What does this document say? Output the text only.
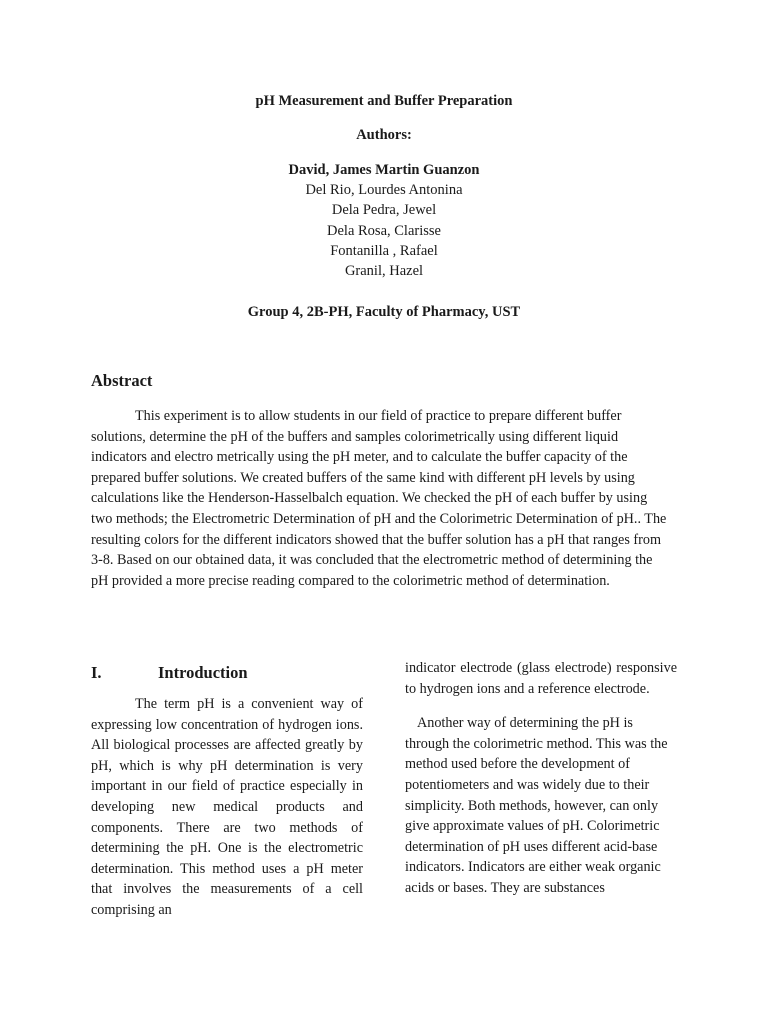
pH Measurement and Buffer Preparation
Authors:
David, James Martin Guanzon
Del Rio, Lourdes Antonina
Dela Pedra, Jewel
Dela Rosa, Clarisse
Fontanilla , Rafael
Granil, Hazel
Group 4, 2B-PH, Faculty of Pharmacy, UST
Abstract
This experiment is to allow students in our field of practice to prepare different buffer solutions, determine the pH of the buffers and samples colorimetrically using different liquid indicators and electro metrically using the pH meter, and to calculate the buffer capacity of the prepared buffer solutions. We created buffers of the same kind with different pH levels by using calculations like the Henderson-Hasselbalch equation. We checked the pH of each buffer by using two methods; the Electrometric Determination of pH and the Colorimetric Determination of pH.. The resulting colors for the different indicators showed that the buffer solution has a pH that ranges from 3-8. Based on our obtained data, it was concluded that the electrometric method of determining the pH provided a more precise reading compared to the colorimetric method of determination.
I.	Introduction
The term pH is a convenient way of expressing low concentration of hydrogen ions. All biological processes are affected greatly by pH, which is why pH determination is very important in our field of practice especially in developing new medical products and components. There are two methods of determining the pH. One is the electrometric determination. This method uses a pH meter that involves the measurements of a cell comprising an

indicator electrode (glass electrode) responsive to hydrogen ions and a reference electrode.

Another way of determining the pH is through the colorimetric method. This was the method used before the development of potentiometers and was widely due to their simplicity. Both methods, however, can only give approximate values of pH. Colorimetric determination of pH uses different acid-base indicators. Indicators are either weak organic acids or bases. They are substances
